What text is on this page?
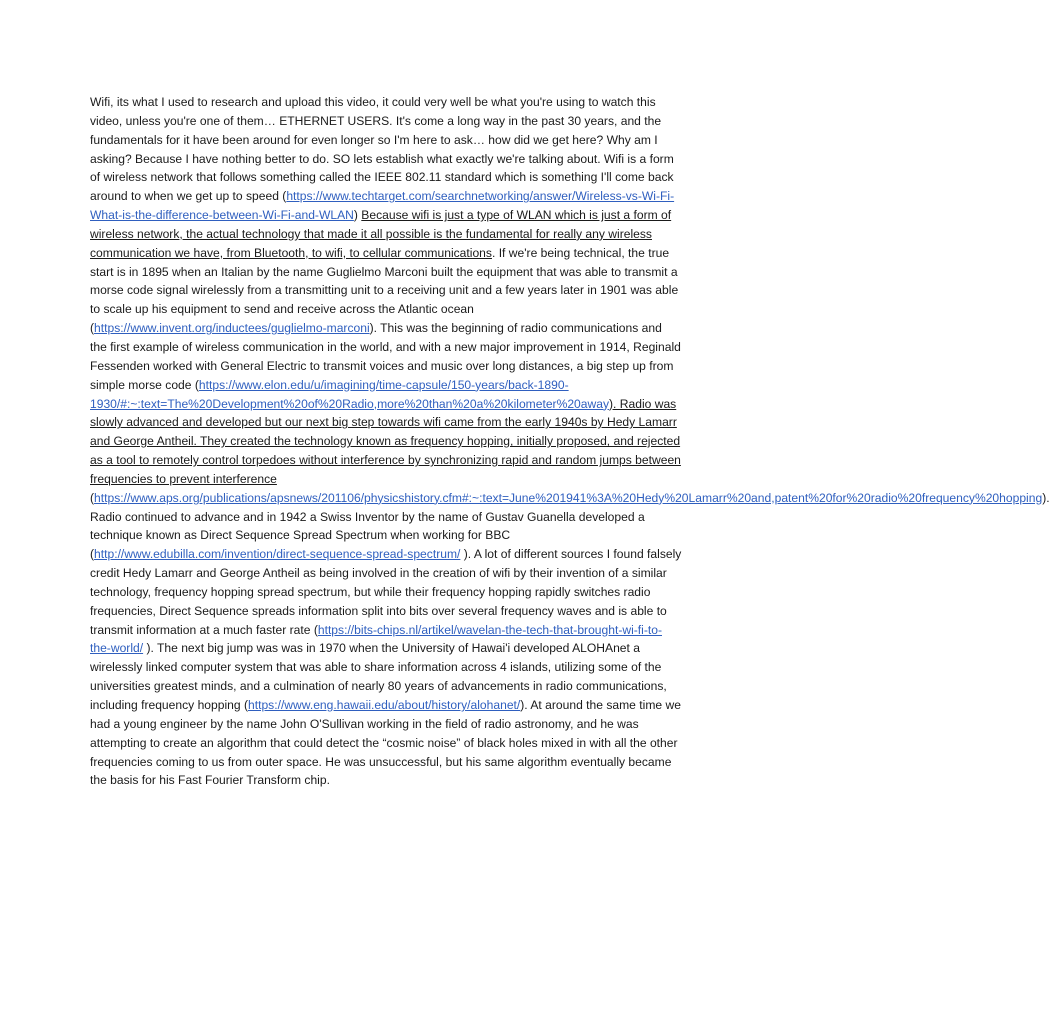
Wifi, its what I used to research and upload this video, it could very well be what you're using to watch this video, unless you're one of them… ETHERNET USERS. It's come a long way in the past 30 years, and the fundamentals for it have been around for even longer so I'm here to ask… how did we get here? Why am I asking? Because I have nothing better to do. SO lets establish what exactly we're talking about. Wifi is a form of wireless network that follows something called the IEEE 802.11 standard which is something I'll come back around to when we get up to speed (https://www.techtarget.com/searchnetworking/answer/Wireless-vs-Wi-Fi-What-is-the-difference-between-Wi-Fi-and-WLAN) Because wifi is just a type of WLAN which is just a form of wireless network, the actual technology that made it all possible is the fundamental for really any wireless communication we have, from Bluetooth, to wifi, to cellular communications. If we're being technical, the true start is in 1895 when an Italian by the name Guglielmo Marconi built the equipment that was able to transmit a morse code signal wirelessly from a transmitting unit to a receiving unit and a few years later in 1901 was able to scale up his equipment to send and receive across the Atlantic ocean (https://www.invent.org/inductees/guglielmo-marconi). This was the beginning of radio communications and the first example of wireless communication in the world, and with a new major improvement in 1914, Reginald Fessenden worked with General Electric to transmit voices and music over long distances, a big step up from simple morse code (https://www.elon.edu/u/imagining/time-capsule/150-years/back-1890-1930/#:~:text=The%20Development%20of%20Radio,more%20than%20a%20kilometer%20away). Radio was slowly advanced and developed but our next big step towards wifi came from the early 1940s by Hedy Lamarr and George Antheil. They created the technology known as frequency hopping, initially proposed, and rejected as a tool to remotely control torpedoes without interference by synchronizing rapid and random jumps between frequencies to prevent interference (https://www.aps.org/publications/apsnews/201106/physicshistory.cfm#:~:text=June%201941%3A%20Hedy%20Lamarr%20and,patent%20for%20radio%20frequency%20hopping). Radio continued to advance and in 1942 a Swiss Inventor by the name of Gustav Guanella developed a technique known as Direct Sequence Spread Spectrum when working for BBC (http://www.edubilla.com/invention/direct-sequence-spread-spectrum/ ). A lot of different sources I found falsely credit Hedy Lamarr and George Antheil as being involved in the creation of wifi by their invention of a similar technology, frequency hopping spread spectrum, but while their frequency hopping rapidly switches radio frequencies, Direct Sequence spreads information split into bits over several frequency waves and is able to transmit information at a much faster rate (https://bits-chips.nl/artikel/wavelan-the-tech-that-brought-wi-fi-to-the-world/ ). The next big jump was was in 1970 when the University of Hawai'i developed ALOHAnet a wirelessly linked computer system that was able to share information across 4 islands, utilizing some of the universities greatest minds, and a culmination of nearly 80 years of advancements in radio communications, including frequency hopping (https://www.eng.hawaii.edu/about/history/alohanet/). At around the same time we had a young engineer by the name John O'Sullivan working in the field of radio astronomy, and he was attempting to create an algorithm that could detect the “cosmic noise” of black holes mixed in with all the other frequencies coming to us from outer space. He was unsuccessful, but his same algorithm eventually became the basis for his Fast Fourier Transform chip.
